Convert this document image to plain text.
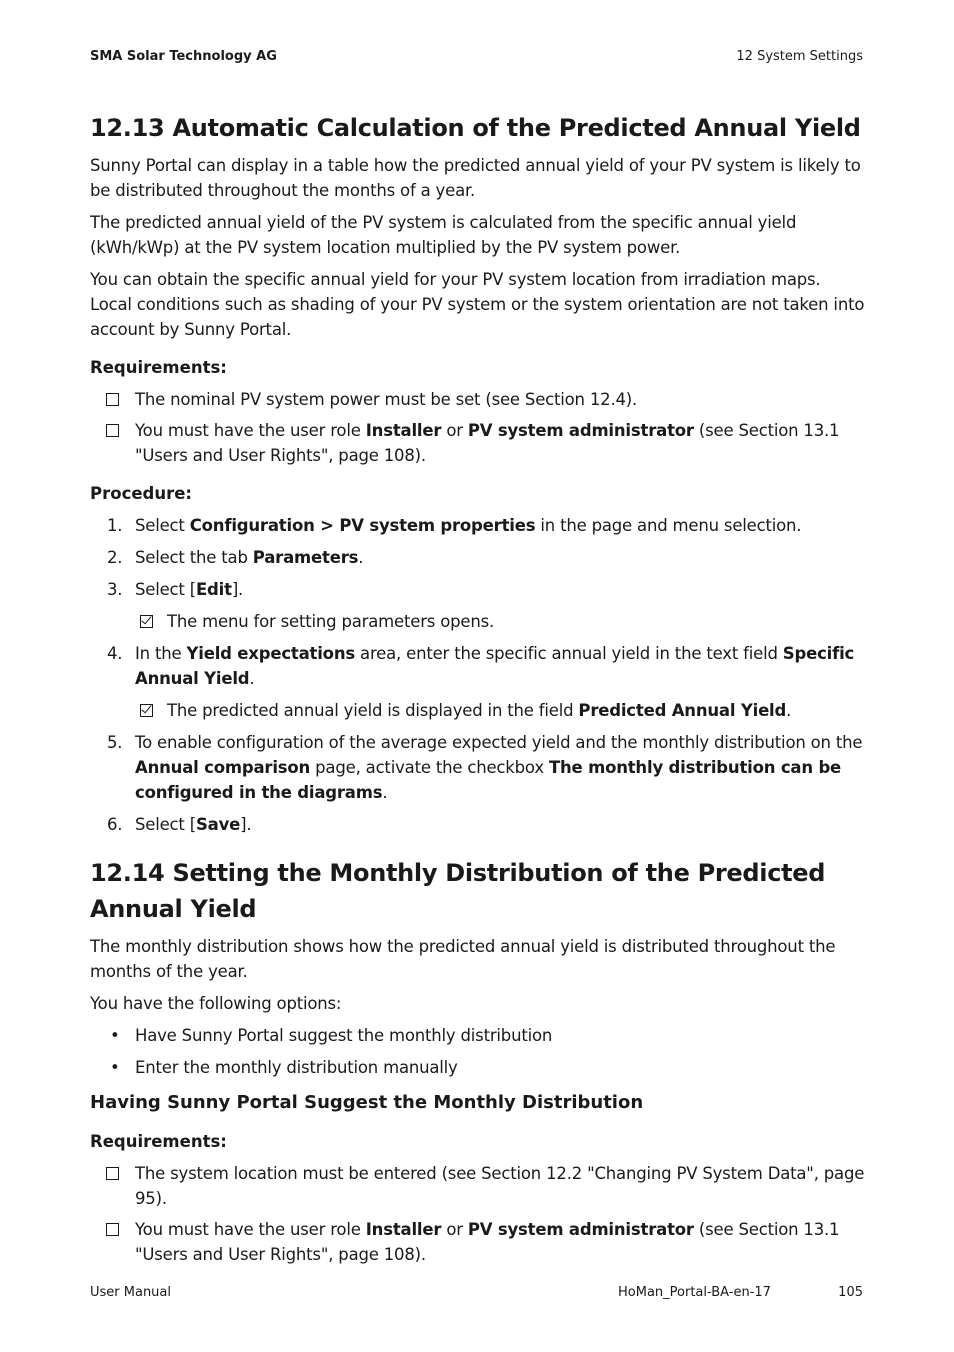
SMA Solar Technology AG	12 System Settings
12.13 Automatic Calculation of the Predicted Annual Yield

Sunny Portal can display in a table how the predicted annual yield of your PV system is likely to be distributed throughout the months of a year.

The predicted annual yield of the PV system is calculated from the specific annual yield (kWh/kWp) at the PV system location multiplied by the PV system power.

You can obtain the specific annual yield for your PV system location from irradiation maps. Local conditions such as shading of your PV system or the system orientation are not taken into account by Sunny Portal.

Requirements:
The nominal PV system power must be set (see Section 12.4).
You must have the user role Installer or PV system administrator (see Section 13.1 "Users and User Rights", page 108).
Procedure:
1. Select Configuration > PV system properties in the page and menu selection.
2. Select the tab Parameters.
3. Select [Edit].
The menu for setting parameters opens.
4. In the Yield expectations area, enter the specific annual yield in the text field Specific Annual Yield.
The predicted annual yield is displayed in the field Predicted Annual Yield.
5. To enable configuration of the average expected yield and the monthly distribution on the Annual comparison page, activate the checkbox The monthly distribution can be configured in the diagrams.
6. Select [Save].
12.14 Setting the Monthly Distribution of the Predicted Annual Yield

The monthly distribution shows how the predicted annual yield is distributed throughout the months of the year.

You have the following options:

• Have Sunny Portal suggest the monthly distribution
• Enter the monthly distribution manually
Having Sunny Portal Suggest the Monthly Distribution
Requirements:
The system location must be entered (see Section 12.2 "Changing PV System Data", page 95).
You must have the user role Installer or PV system administrator (see Section 13.1 "Users and User Rights", page 108).
User Manual	HoMan_Portal-BA-en-17	105
